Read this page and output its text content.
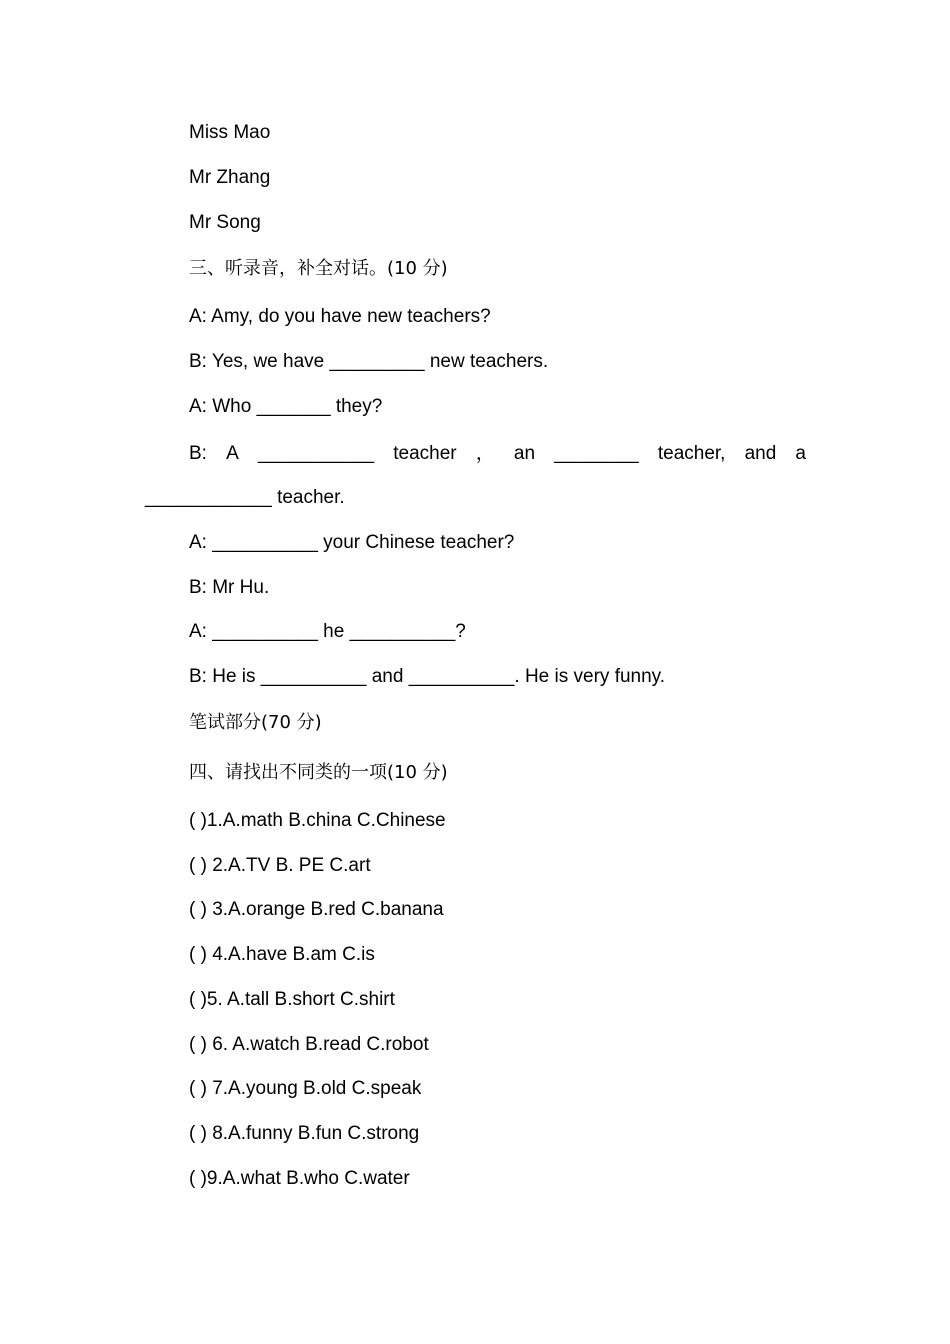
Miss Mao
Mr Zhang
Mr Song
三、听录音，补全对话。(10 分)
A: Amy, do you have new teachers?
B: Yes, we have _________ new teachers.
A: Who _______ they?
B: A ___________ teacher ， an ________ teacher, and a
____________ teacher.
A: __________ your Chinese teacher?
B: Mr Hu.
A: __________ he __________?
B: He is __________ and __________. He is very funny.
笔试部分(70 分)
四、请找出不同类的一项(10 分)
( )1.A.math B.china C.Chinese
( ) 2.A.TV B. PE C.art
( ) 3.A.orange B.red C.banana
( ) 4.A.have B.am C.is
( )5. A.tall B.short C.shirt
( ) 6. A.watch B.read C.robot
( ) 7.A.young B.old C.speak
( ) 8.A.funny B.fun C.strong
( )9.A.what B.who C.water
